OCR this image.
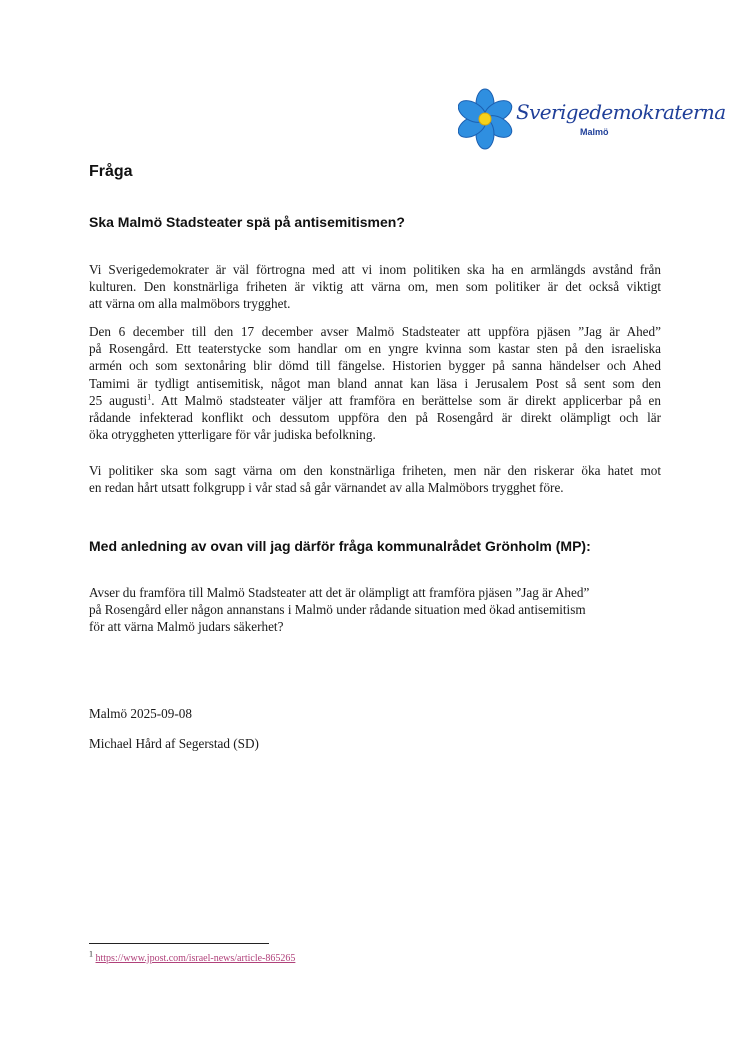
Sverigedemokraterna
Malmö
Fråga
Ska Malmö Stadsteater spä på antisemitismen?
Vi Sverigedemokrater är väl förtrogna med att vi inom politiken ska ha en armlängds avstånd från
kulturen. Den konstnärliga friheten är viktig att värna om, men som politiker är det också viktigt
att värna om alla malmöbors trygghet.
Den 6 december till den 17 december avser Malmö Stadsteater att uppföra pjäsen ”Jag är Ahed”
på Rosengård. Ett teaterstycke som handlar om en yngre kvinna som kastar sten på den israeliska
armén och som sextonåring blir dömd till fängelse. Historien bygger på sanna händelser och Ahed
Tamimi är tydligt antisemitisk, något man bland annat kan läsa i Jerusalem Post så sent som den
25 augusti$^1$. Att Malmö stadsteater väljer att framföra en berättelse som är direkt applicerbar på en
rådande infekterad konflikt och dessutom uppföra den på Rosengård är direkt olämpligt och lär
öka otryggheten ytterligare för vår judiska befolkning.
Vi politiker ska som sagt värna om den konstnärliga friheten, men när den riskerar öka hatet mot
en redan hårt utsatt folkgrupp i vår stad så går värnandet av alla Malmöbors trygghet före.
Med anledning av ovan vill jag därför fråga kommunalrådet Grönholm (MP):
Avser du framföra till Malmö Stadsteater att det är olämpligt att framföra pjäsen ”Jag är Ahed”
på Rosengård eller någon annanstans i Malmö under rådande situation med ökad antisemitism
för att värna Malmö judars säkerhet?
Malmö 2025-09-08
Michael Hård af Segerstad (SD)
$^1$ https://www.jpost.com/israel-news/article-865265
